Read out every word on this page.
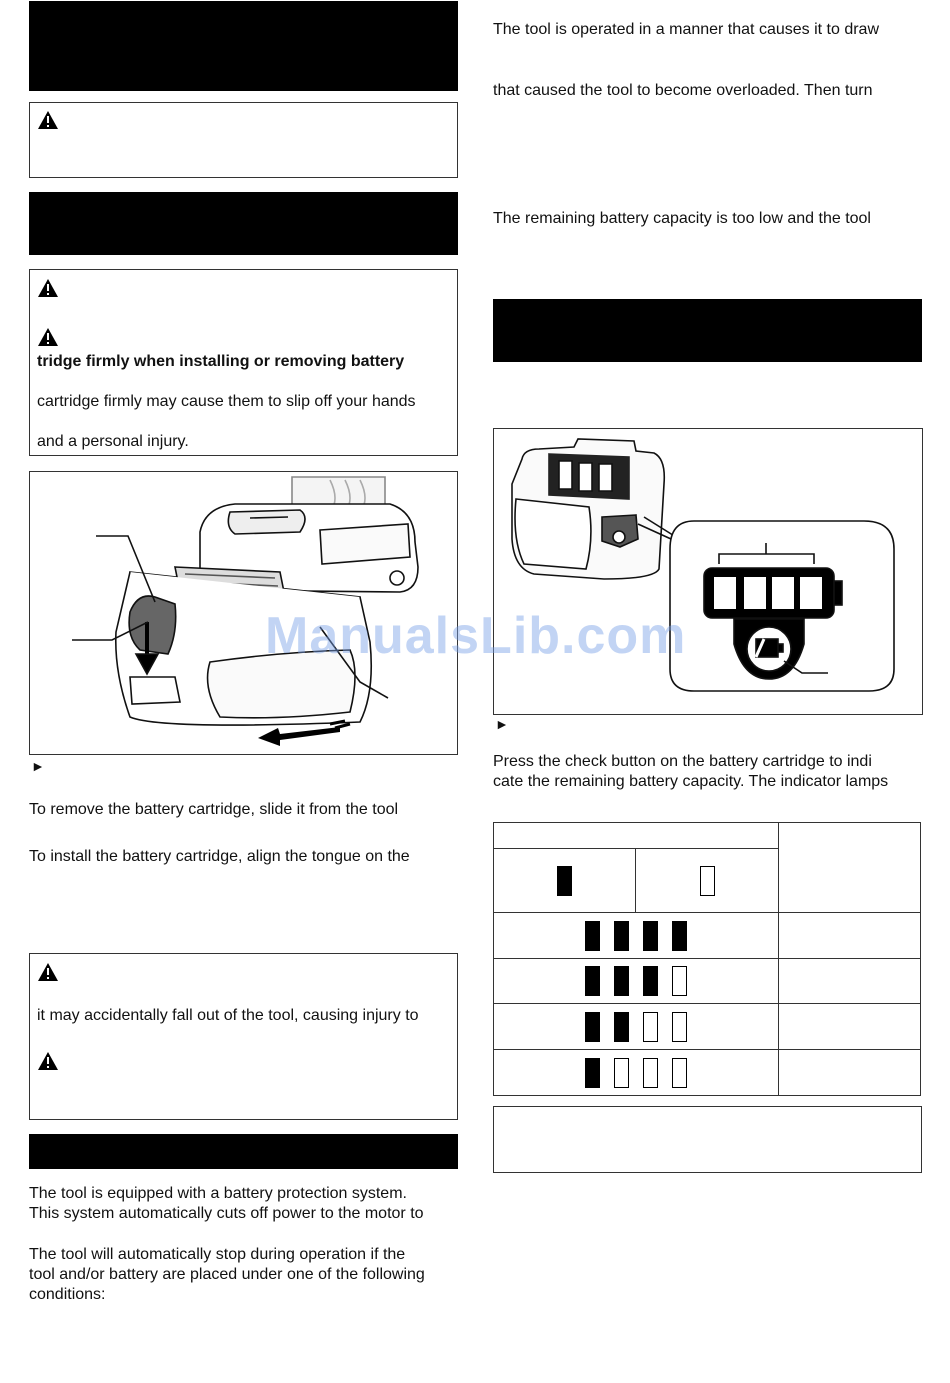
tridge firmly when installing or removing battery
cartridge firmly may cause them to slip off your hands
and a personal injury.
►
To remove the battery cartridge, slide it from the tool
To install the battery cartridge, align the tongue on the
it may accidentally fall out of the tool, causing injury to
The tool is equipped with a battery protection system.
This system automatically cuts off power to the motor to
The tool will automatically stop during operation if the
tool and/or battery are placed under one of the following
conditions:
The tool is operated in a manner that causes it to draw
that caused the tool to become overloaded. Then turn
The remaining battery capacity is too low and the tool
►
Press the check button on the battery cartridge to indi
cate the remaining battery capacity. The indicator lamps

ManualsLib.com
